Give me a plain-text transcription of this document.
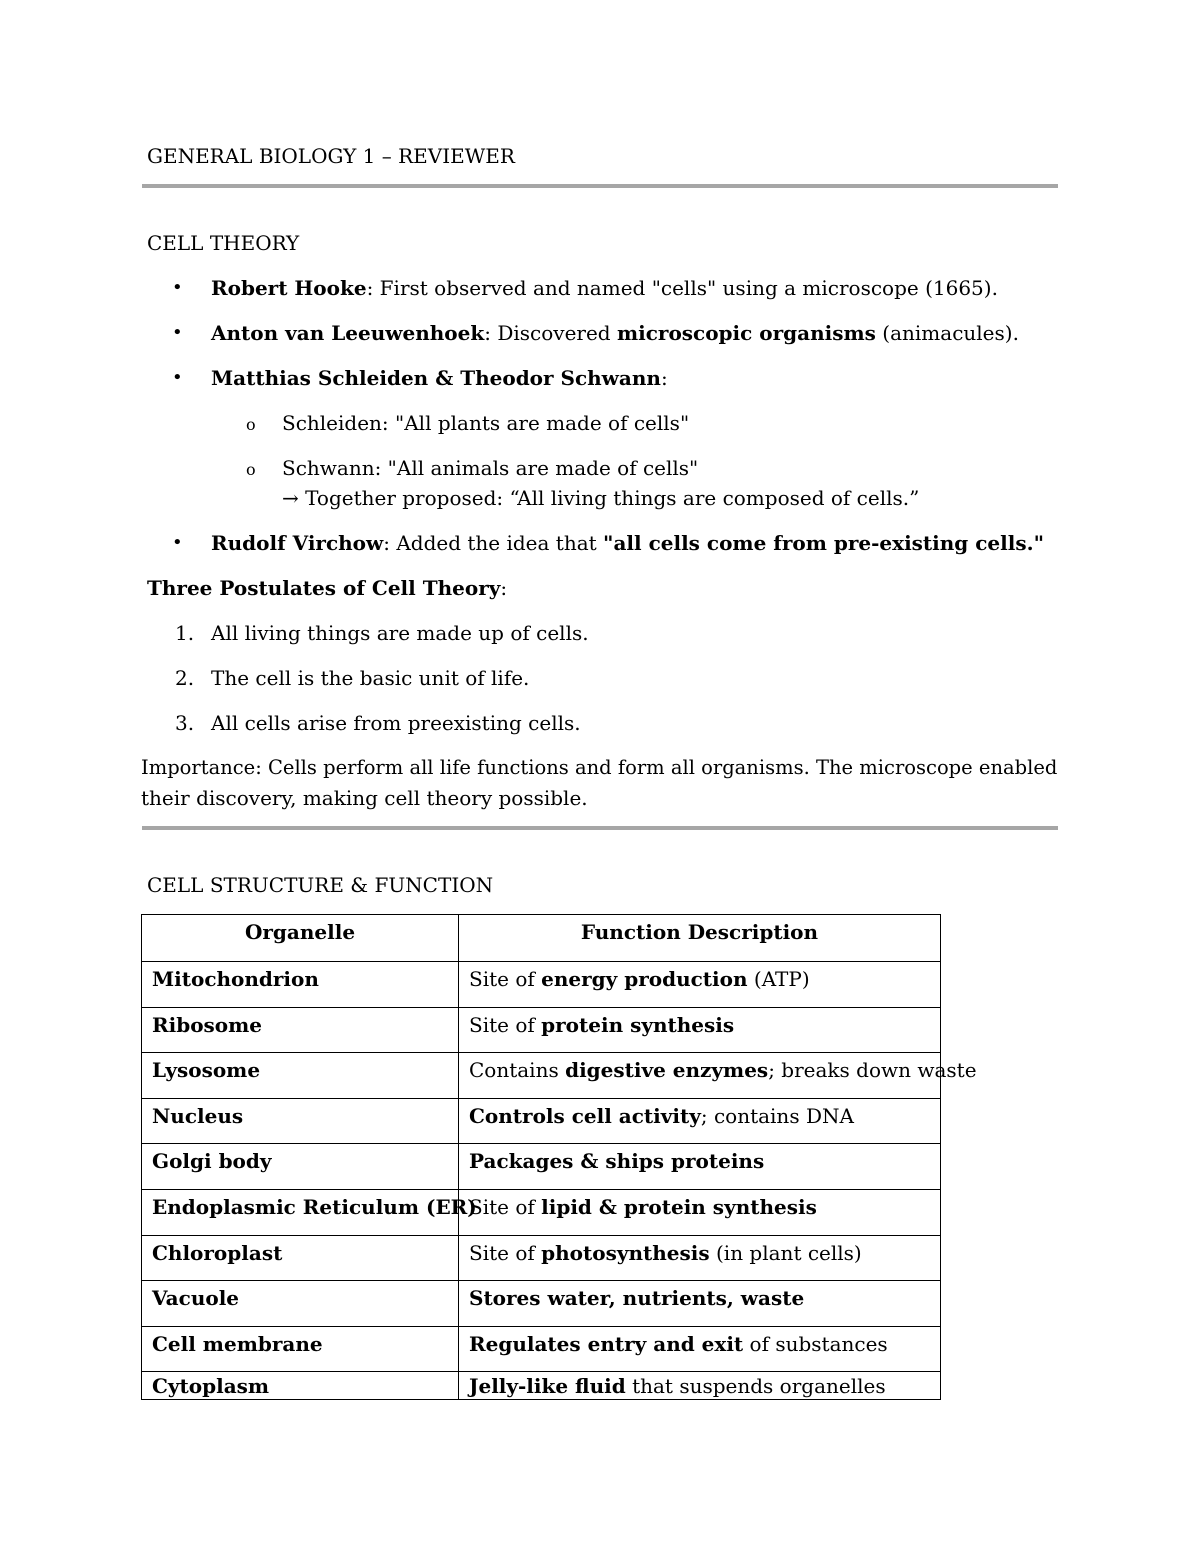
GENERAL BIOLOGY 1 – REVIEWER
CELL THEORY
• Robert Hooke: First observed and named "cells" using a microscope (1665).
• Anton van Leeuwenhoek: Discovered microscopic organisms (animacules).
• Matthias Schleiden & Theodor Schwann:
o Schleiden: "All plants are made of cells"
o Schwann: "All animals are made of cells"
→ Together proposed: “All living things are composed of cells.”
• Rudolf Virchow: Added the idea that "all cells come from pre-existing cells."
Three Postulates of Cell Theory:
1. All living things are made up of cells.
2. The cell is the basic unit of life.
3. All cells arise from preexisting cells.
Importance: Cells perform all life functions and form all organisms. The microscope enabled
their discovery, making cell theory possible.
CELL STRUCTURE & FUNCTION
Organelle	Function Description
Mitochondrion	Site of energy production (ATP)
Ribosome	Site of protein synthesis
Lysosome	Contains digestive enzymes; breaks down waste
Nucleus	Controls cell activity; contains DNA
Golgi body	Packages & ships proteins
Endoplasmic Reticulum (ER)	Site of lipid & protein synthesis
Chloroplast	Site of photosynthesis (in plant cells)
Vacuole	Stores water, nutrients, waste
Cell membrane	Regulates entry and exit of substances
Cytoplasm	Jelly-like fluid that suspends organelles
